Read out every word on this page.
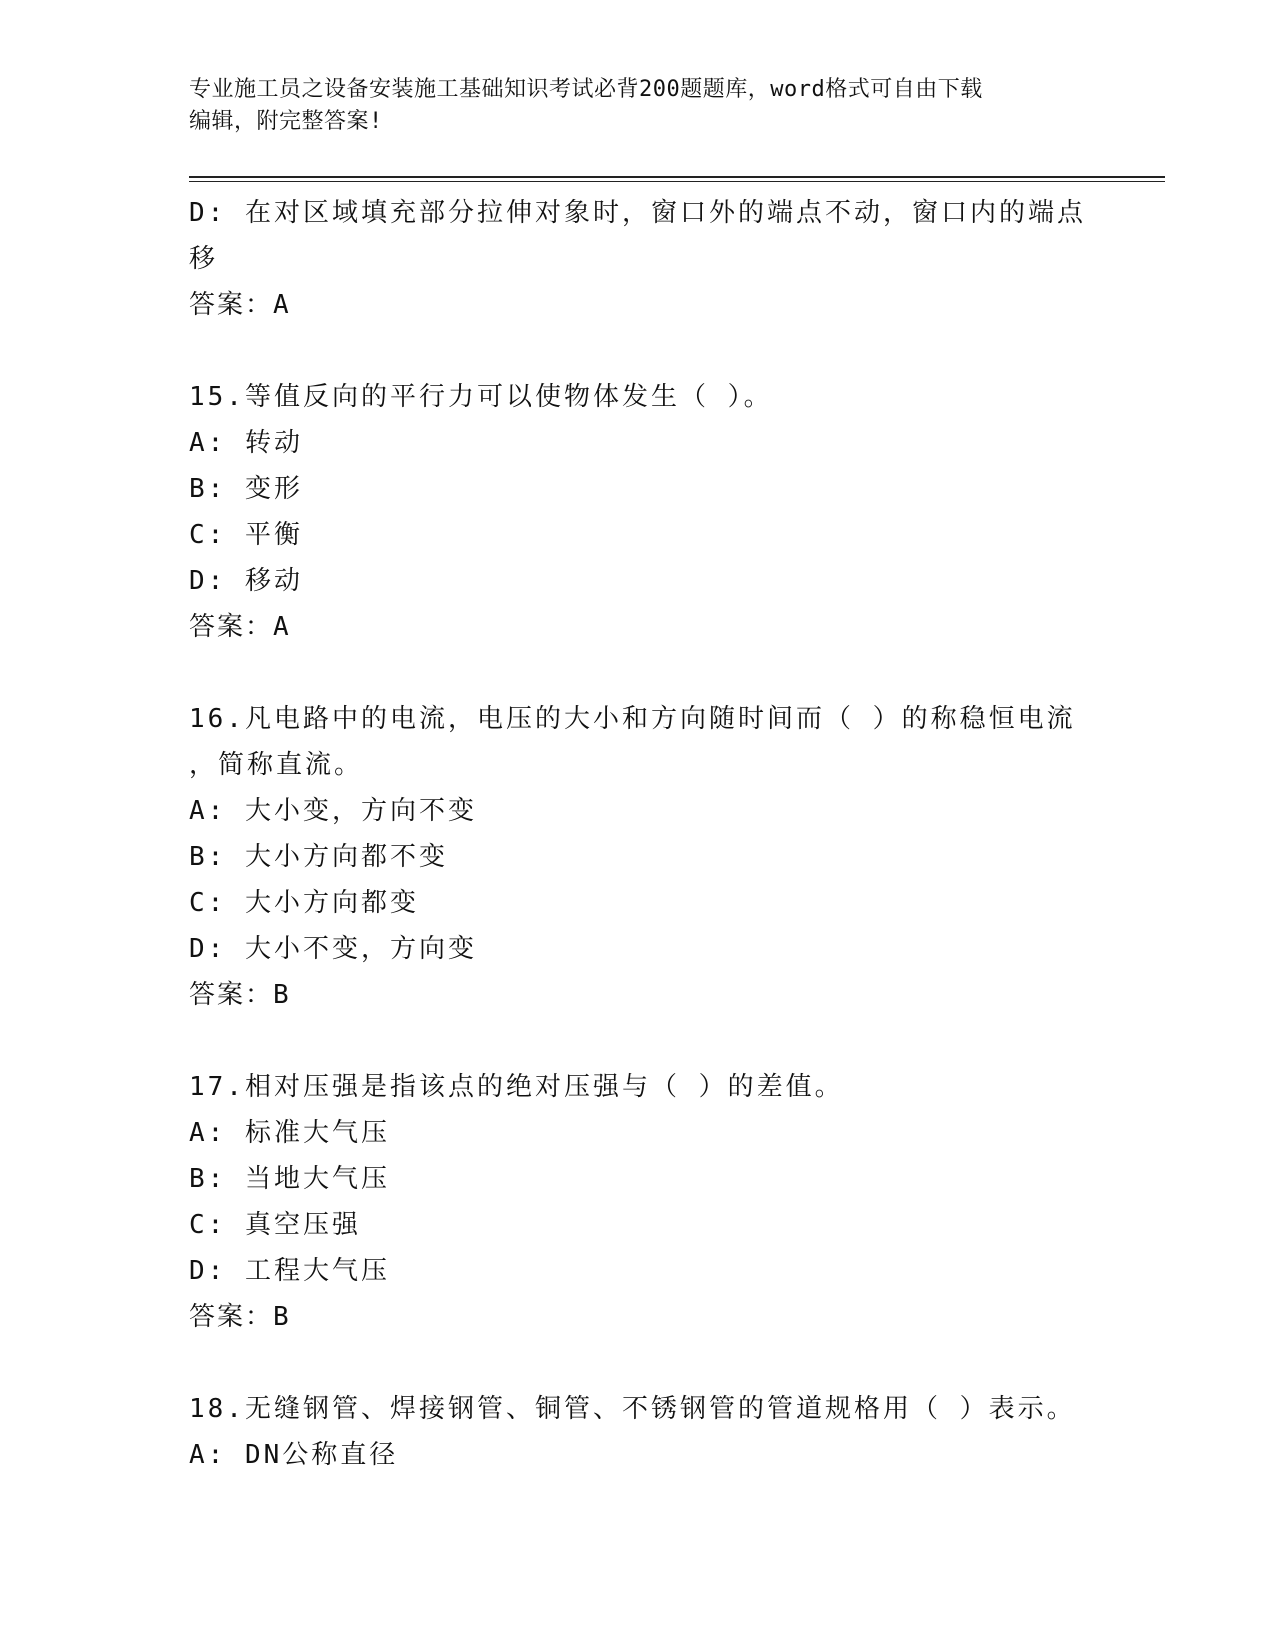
专业施工员之设备安装施工基础知识考试必背200题题库，word格式可自由下载
编辑，附完整答案!
D: 在对区域填充部分拉伸对象时，窗口外的端点不动，窗口内的端点
移
答案：A
15.等值反向的平行力可以使物体发生（ ）。
A: 转动
B: 变形
C: 平衡
D: 移动
答案：A
16.凡电路中的电流，电压的大小和方向随时间而（ ）的称稳恒电流
，简称直流。
A: 大小变，方向不变
B: 大小方向都不变
C: 大小方向都变
D: 大小不变，方向变
答案：B
17.相对压强是指该点的绝对压强与（ ）的差值。
A: 标准大气压
B: 当地大气压
C: 真空压强
D: 工程大气压
答案：B
18.无缝钢管、焊接钢管、铜管、不锈钢管的管道规格用（ ）表示。
A: DN公称直径
